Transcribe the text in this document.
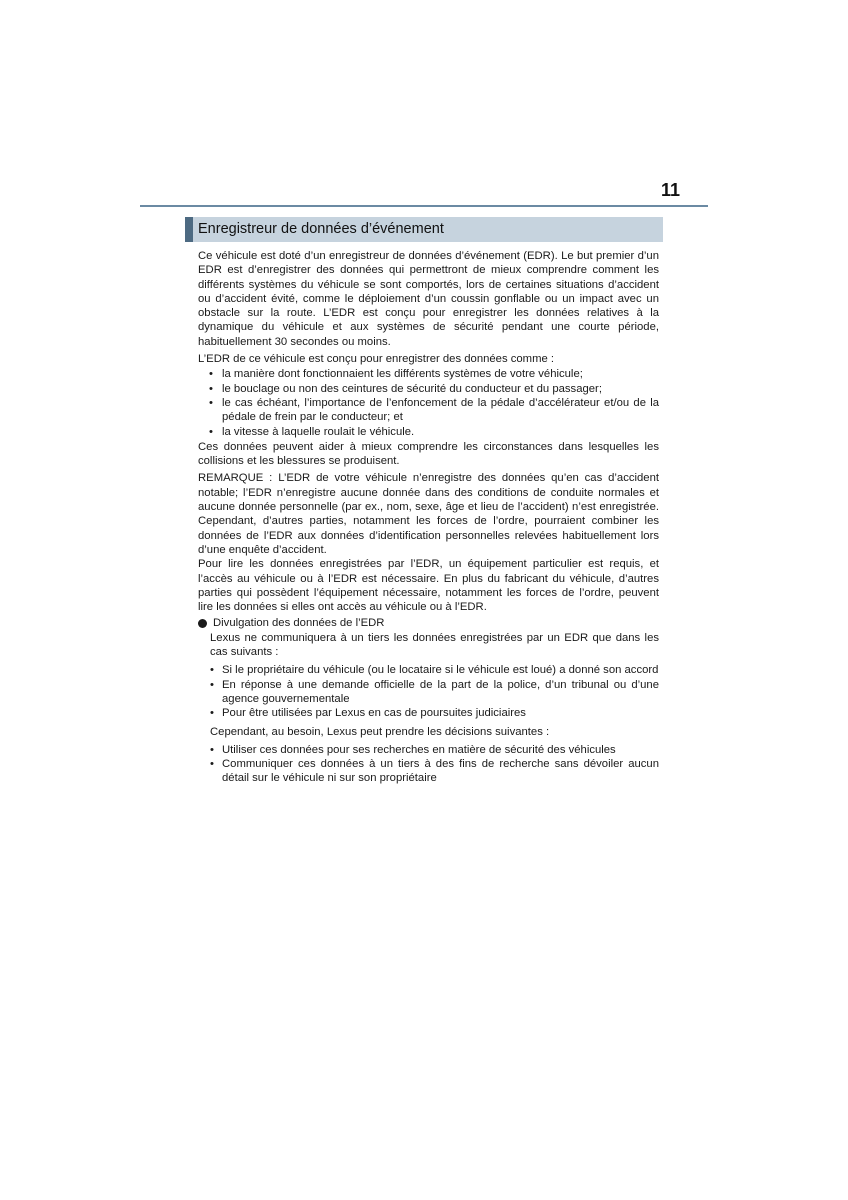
11
Enregistreur de données d’événement

Ce véhicule est doté d’un enregistreur de données d’événement (EDR). Le but premier d’un EDR est d’enregistrer des données qui permettront de mieux comprendre comment les différents systèmes du véhicule se sont comportés, lors de certaines situations d’accident ou d’accident évité, comme le déploiement d’un coussin gonflable ou un impact avec un obstacle sur la route. L’EDR est conçu pour enregistrer les données relatives à la dynamique du véhicule et aux systèmes de sécurité pendant une courte période, habituellement 30 secondes ou moins.

L’EDR de ce véhicule est conçu pour enregistrer des données comme :

• la manière dont fonctionnaient les différents systèmes de votre véhicule;
• le bouclage ou non des ceintures de sécurité du conducteur et du passager;
• le cas échéant, l’importance de l’enfoncement de la pédale d’accélérateur et/ou de la pédale de frein par le conducteur; et
• la vitesse à laquelle roulait le véhicule.

Ces données peuvent aider à mieux comprendre les circonstances dans lesquelles les collisions et les blessures se produisent.

REMARQUE : L’EDR de votre véhicule n’enregistre des données qu’en cas d’accident notable; l’EDR n’enregistre aucune donnée dans des conditions de conduite normales et aucune donnée personnelle (par ex., nom, sexe, âge et lieu de l’accident) n’est enregistrée. Cependant, d’autres parties, notamment les forces de l’ordre, pourraient combiner les données de l’EDR aux données d’identification personnelles relevées habituellement lors d’une enquête d’accident.

Pour lire les données enregistrées par l’EDR, un équipement particulier est requis, et l’accès au véhicule ou à l’EDR est nécessaire. En plus du fabricant du véhicule, d’autres parties qui possèdent l’équipement nécessaire, notamment les forces de l’ordre, peuvent lire les données si elles ont accès au véhicule ou à l’EDR.

Divulgation des données de l’EDR

Lexus ne communiquera à un tiers les données enregistrées par un EDR que dans les cas suivants :

• Si le propriétaire du véhicule (ou le locataire si le véhicule est loué) a donné son accord
• En réponse à une demande officielle de la part de la police, d’un tribunal ou d’une agence gouvernementale
• Pour être utilisées par Lexus en cas de poursuites judiciaires

Cependant, au besoin, Lexus peut prendre les décisions suivantes :

• Utiliser ces données pour ses recherches en matière de sécurité des véhicules
• Communiquer ces données à un tiers à des fins de recherche sans dévoiler aucun détail sur le véhicule ni sur son propriétaire
